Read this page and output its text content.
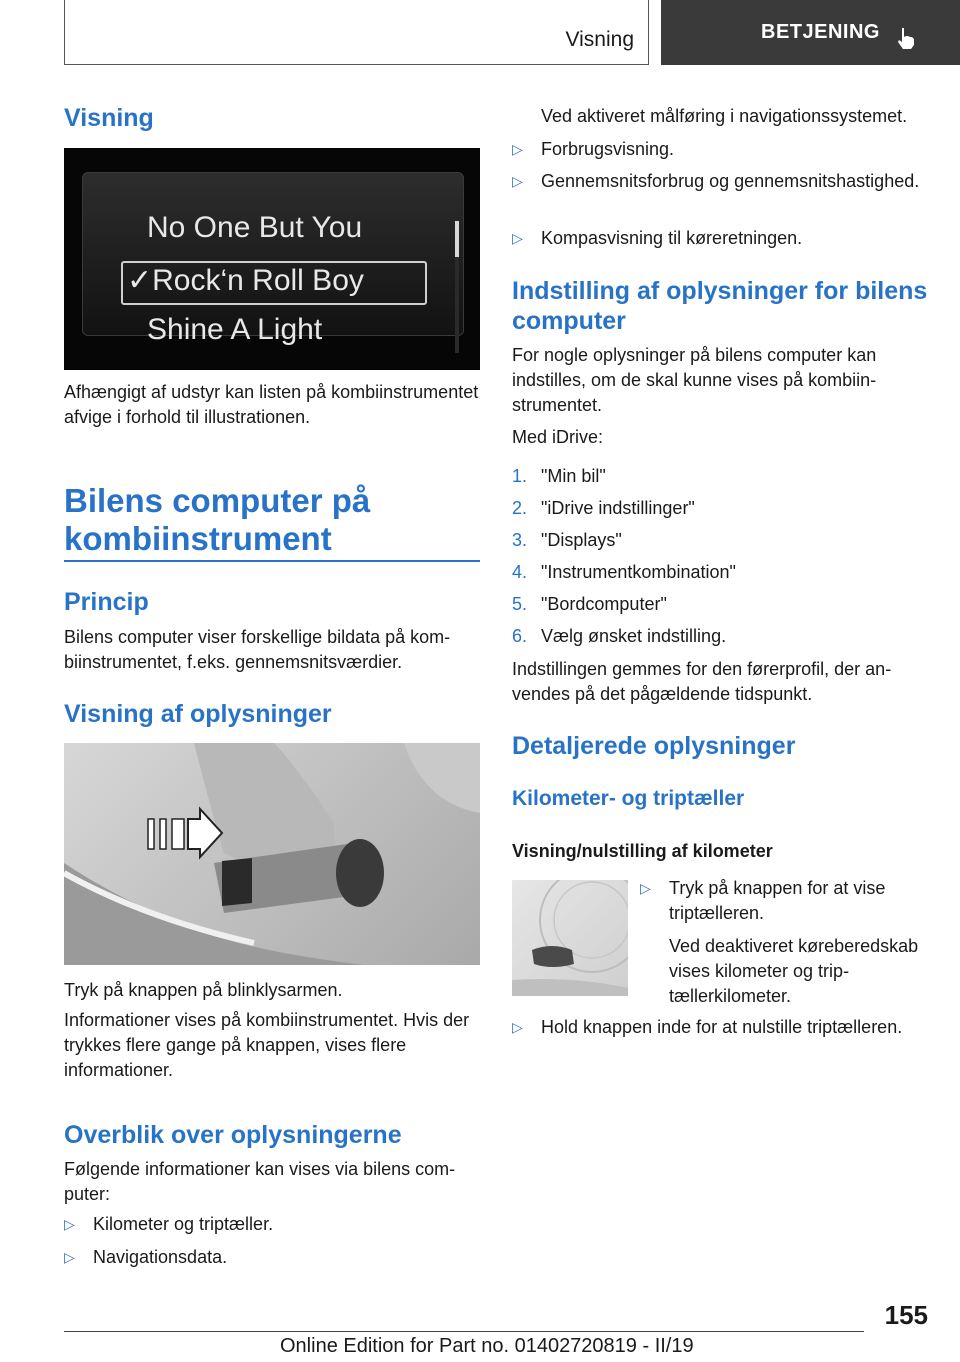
Visning	BETJENING
Visning
No One But You
✓Rock‘n Roll Boy
Shine A Light
Afhængigt af udstyr kan listen på kombiinstrumentet afvige i forhold til illustrationen.
Bilens computer på kombiinstrument
Princip
Bilens computer viser forskellige bildata på kombiinstrumentet, f.eks. gennemsnitsværdier.
Visning af oplysninger
Tryk på knappen på blinklysarmen.
Informationer vises på kombiinstrumentet. Hvis der trykkes flere gange på knappen, vises flere informationer.
Overblik over oplysningerne
Følgende informationer kan vises via bilens computer:
▷ Kilometer og triptæller.
▷ Navigationsdata.
Ved aktiveret målføring i navigationssystemet.
▷ Forbrugsvisning.
▷ Gennemsnitsforbrug og gennemsnitshastighed.
▷ Kompasvisning til køreretningen.
Indstilling af oplysninger for bilens computer
For nogle oplysninger på bilens computer kan indstilles, om de skal kunne vises på kombiinstrumentet.
Med iDrive:
1. "Min bil"
2. "iDrive indstillinger"
3. "Displays"
4. "Instrumentkombination"
5. "Bordcomputer"
6. Vælg ønsket indstilling.
Indstillingen gemmes for den førerprofil, der anvendes på det pågældende tidspunkt.
Detaljerede oplysninger
Kilometer- og triptæller
Visning/nulstilling af kilometer
▷ Tryk på knappen for at vise triptælleren.
Ved deaktiveret køreberedskab vises kilometer og triptællerkilometer.
▷ Hold knappen inde for at nulstille triptælleren.
155
Online Edition for Part no. 01402720819 - II/19
